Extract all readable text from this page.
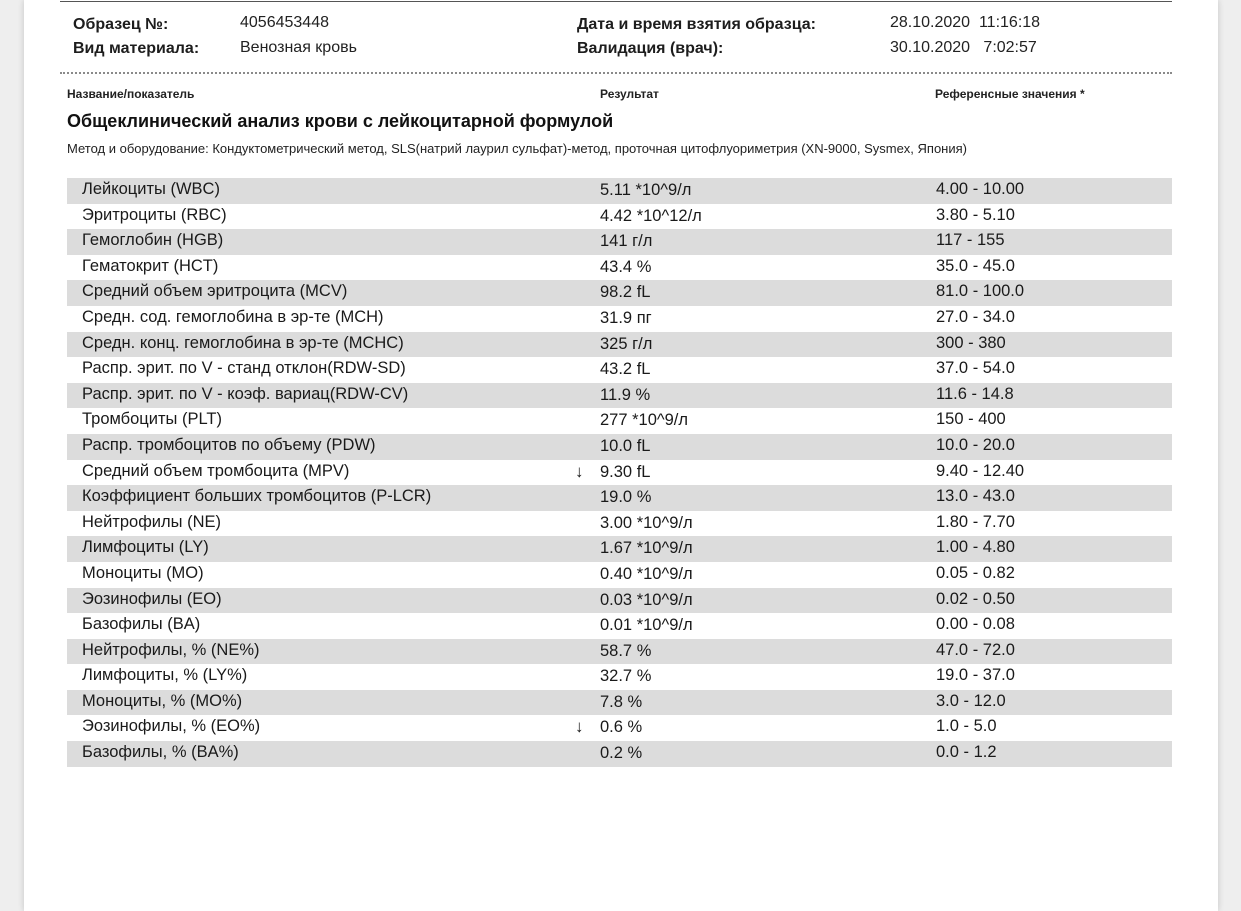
Образец №:	4056453448
Вид материала:	Венозная кровь
Дата и время взятия образца:	28.10.2020  11:16:18
Валидация (врач):	30.10.2020   7:02:57
Название/показатель	Результат	Референсные значения *
Общеклинический анализ крови с лейкоцитарной формулой
Метод и оборудование: Кондуктометрический метод, SLS(натрий лаурил сульфат)-метод, проточная цитофлуориметрия (XN-9000, Sysmex, Япония)
Лейкоциты (WBC)	5.11 *10^9/л	4.00 - 10.00
Эритроциты (RBC)	4.42 *10^12/л	3.80 - 5.10
Гемоглобин (HGB)	141 г/л	117 - 155
Гематокрит (HCT)	43.4 %	35.0 - 45.0
Средний объем эритроцита (MCV)	98.2 fL	81.0 - 100.0
Средн. сод. гемоглобина в эр-те (MCH)	31.9 пг	27.0 - 34.0
Средн. конц. гемоглобина в эр-те (MCHC)	325 г/л	300 - 380
Распр. эрит. по V - станд отклон(RDW-SD)	43.2 fL	37.0 - 54.0
Распр. эрит. по V - коэф. вариац(RDW-CV)	11.9 %	11.6 - 14.8
Тромбоциты (PLT)	277 *10^9/л	150 - 400
Распр. тромбоцитов по объему (PDW)	10.0 fL	10.0 - 20.0
Средний объем тромбоцита (MPV)	↓ 9.30 fL	9.40 - 12.40
Коэффициент больших тромбоцитов (P-LCR)	19.0 %	13.0 - 43.0
Нейтрофилы (NE)	3.00 *10^9/л	1.80 - 7.70
Лимфоциты (LY)	1.67 *10^9/л	1.00 - 4.80
Моноциты (MO)	0.40 *10^9/л	0.05 - 0.82
Эозинофилы (EO)	0.03 *10^9/л	0.02 - 0.50
Базофилы (BA)	0.01 *10^9/л	0.00 - 0.08
Нейтрофилы, % (NE%)	58.7 %	47.0 - 72.0
Лимфоциты, % (LY%)	32.7 %	19.0 - 37.0
Моноциты, % (MO%)	7.8 %	3.0 - 12.0
Эозинофилы, % (EO%)	↓ 0.6 %	1.0 - 5.0
Базофилы, % (BA%)	0.2 %	0.0 - 1.2
